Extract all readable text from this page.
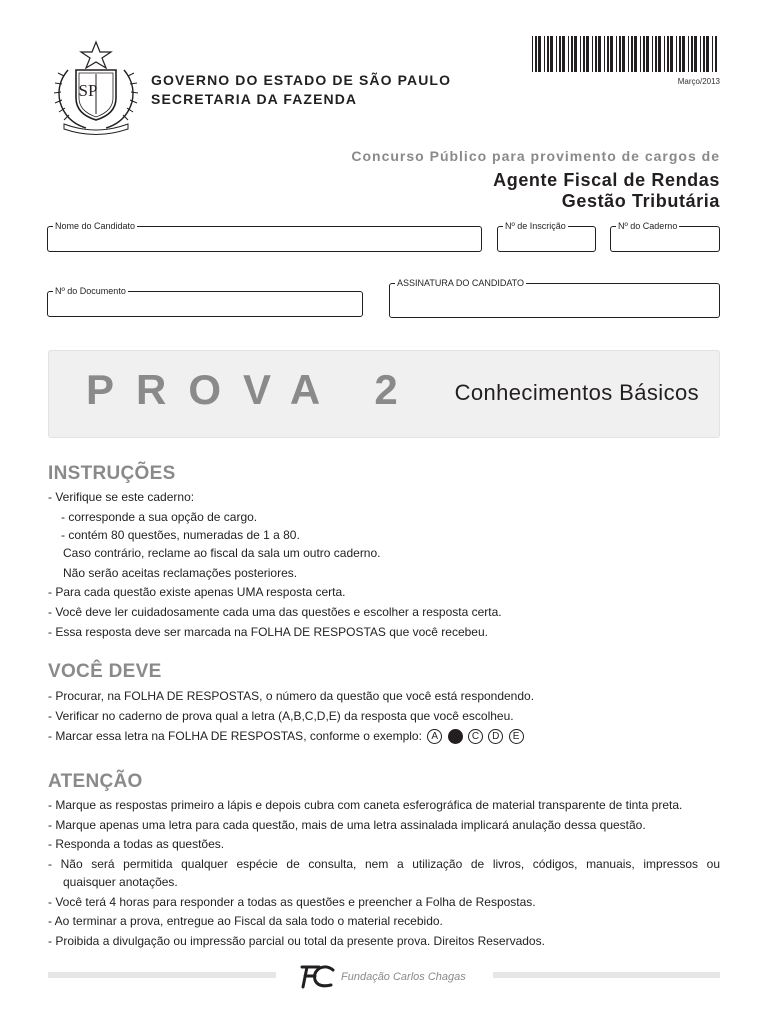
SP
GOVERNO DO ESTADO DE SÃO PAULO
SECRETARIA DA FAZENDA
Março/2013
Concurso Público para provimento de cargos de
Agente Fiscal de Rendas
Gestão Tributária
Nome do Candidato	Nº de Inscrição	Nº do Caderno
Nº do Documento
ASSINATURA DO CANDIDATO
PROVA 2	Conhecimentos Básicos
INSTRUÇÕES
- Verifique se este caderno:
- corresponde a sua opção de cargo.
- contém 80 questões, numeradas de 1 a 80.
Caso contrário, reclame ao fiscal da sala um outro caderno.
Não serão aceitas reclamações posteriores.
- Para cada questão existe apenas UMA resposta certa.
- Você deve ler cuidadosamente cada uma das questões e escolher a resposta certa.
- Essa resposta deve ser marcada na FOLHA DE RESPOSTAS que você recebeu.
VOCÊ DEVE
- Procurar, na FOLHA DE RESPOSTAS, o número da questão que você está respondendo.
- Verificar no caderno de prova qual a letra (A,B,C,D,E) da resposta que você escolheu.
- Marcar essa letra na FOLHA DE RESPOSTAS, conforme o exemplo: A B C D E
ATENÇÃO
- Marque as respostas primeiro a lápis e depois cubra com caneta esferográfica de material transparente de tinta preta.
- Marque apenas uma letra para cada questão, mais de uma letra assinalada implicará anulação dessa questão.
- Responda a todas as questões.
- Não será permitida qualquer espécie de consulta, nem a utilização de livros, códigos, manuais, impressos ou
quaisquer anotações.
- Você terá 4 horas para responder a todas as questões e preencher a Folha de Respostas.
- Ao terminar a prova, entregue ao Fiscal da sala todo o material recebido.
- Proibida a divulgação ou impressão parcial ou total da presente prova. Direitos Reservados.
Fundação Carlos Chagas
